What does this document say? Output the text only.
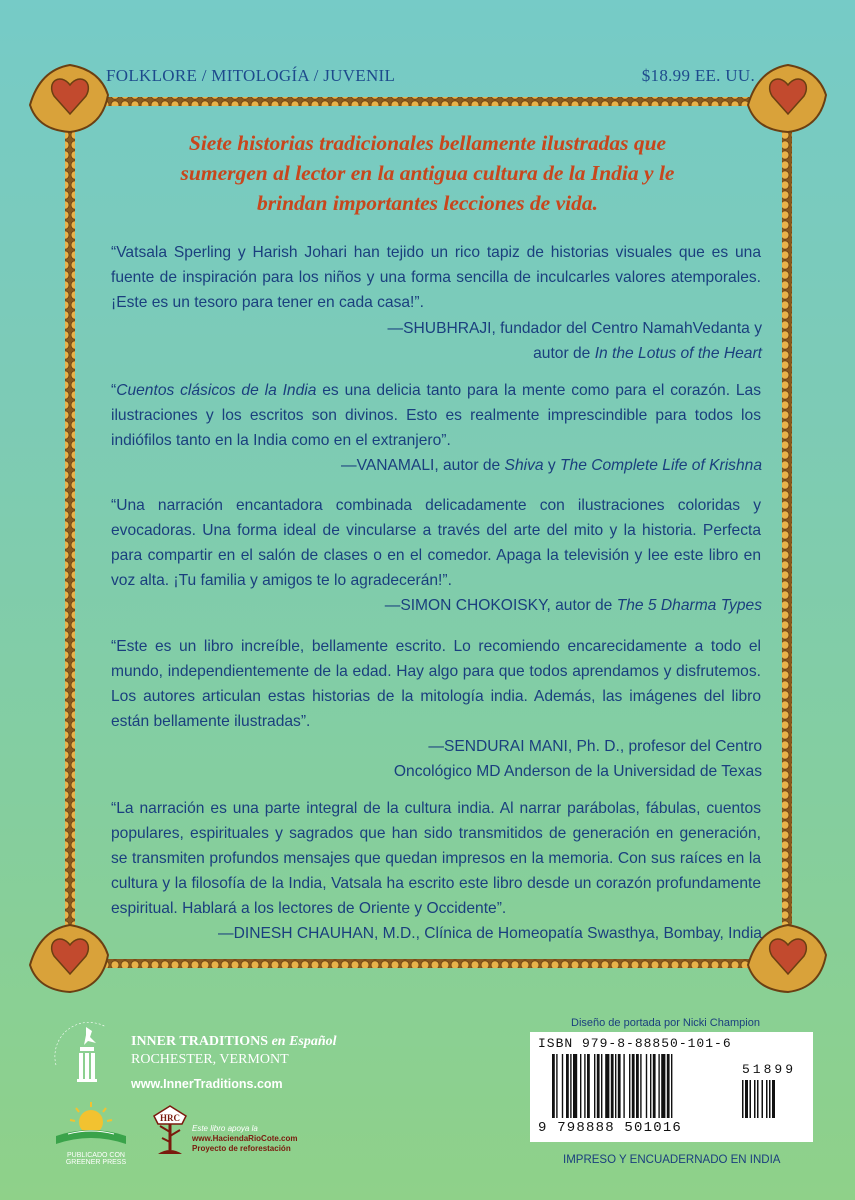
FOLKLORE / MITOLOGÍA / JUVENIL	$18.99 EE. UU.
Siete historias tradicionales bellamente ilustradas que
sumergen al lector en la antigua cultura de la India y le
brindan importantes lecciones de vida.

“Vatsala Sperling y Harish Johari han tejido un rico tapiz de historias visuales que es una fuente de inspiración para los niños y una forma sencilla de inculcarles valores atemporales. ¡Este es un tesoro para tener en cada casa!”.

—SHUBHRAJI, fundador del Centro NamahVedanta y
autor de In the Lotus of the Heart

“Cuentos clásicos de la India es una delicia tanto para la mente como para el corazón. Las ilustraciones y los escritos son divinos. Esto es realmente imprescindible para todos los indiófilos tanto en la India como en el extranjero”.

—VANAMALI, autor de Shiva y The Complete Life of Krishna

“Una narración encantadora combinada delicadamente con ilustraciones coloridas y evocadoras. Una forma ideal de vincularse a través del arte del mito y la historia. Perfecta para compartir en el salón de clases o en el comedor. Apaga la televisión y lee este libro en voz alta. ¡Tu familia y amigos te lo agradecerán!”.

—SIMON CHOKOISKY, autor de The 5 Dharma Types

“Este es un libro increíble, bellamente escrito. Lo recomiendo encarecidamente a todo el mundo, independientemente de la edad. Hay algo para que todos aprendamos y disfrutemos. Los autores articulan estas historias de la mitología india. Además, las imágenes del libro están bellamente ilustradas”.

—SENDURAI MANI, Ph. D., profesor del Centro
Oncológico MD Anderson de la Universidad de Texas

“La narración es una parte integral de la cultura india. Al narrar parábolas, fábulas, cuentos populares, espirituales y sagrados que han sido transmitidos de generación en generación, se transmiten profundos mensajes que quedan impresos en la memoria. Con sus raíces en la cultura y la filosofía de la India, Vatsala ha escrito este libro desde un corazón profundamente espiritual. Hablará a los lectores de Oriente y Occidente”.

—DINESH CHAUHAN, M.D., Clínica de Homeopatía Swasthya, Bombay, India
INNER TRADITIONS en Español
ROCHESTER, VERMONT
www.InnerTraditions.com
PUBLICADO CON GREENER PRESS
HRC
Este libro apoya la
www.HaciendaRioCote.com
Proyecto de reforestación
Diseño de portada por Nicki Champion
ISBN 979-8-88850-101-6
51899
9 798888 501016
IMPRESO Y ENCUADERNADO EN INDIA
